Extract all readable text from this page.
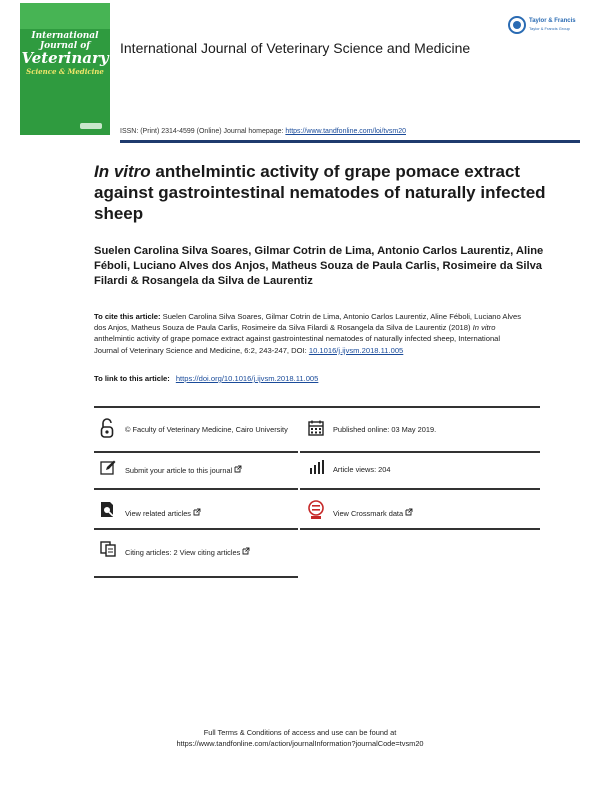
International
Journal of
Veterinary
Science & Medicine
International Journal of Veterinary Science and Medicine
Taylor & Francis
Taylor & Francis Group
ISSN: (Print) 2314-4599 (Online) Journal homepage: https://www.tandfonline.com/loi/tvsm20
In vitro anthelmintic activity of grape pomace extract against gastrointestinal nematodes of naturally infected sheep
Suelen Carolina Silva Soares, Gilmar Cotrin de Lima, Antonio Carlos Laurentiz, Aline Féboli, Luciano Alves dos Anjos, Matheus Souza de Paula Carlis, Rosimeire da Silva Filardi & Rosangela da Silva de Laurentiz
To cite this article: Suelen Carolina Silva Soares, Gilmar Cotrin de Lima, Antonio Carlos Laurentiz, Aline Féboli, Luciano Alves dos Anjos, Matheus Souza de Paula Carlis, Rosimeire da Silva Filardi & Rosangela da Silva de Laurentiz (2018) In vitro anthelmintic activity of grape pomace extract against gastrointestinal nematodes of naturally infected sheep, International Journal of Veterinary Science and Medicine, 6:2, 243-247, DOI: 10.1016/j.ijvsm.2018.11.005
To link to this article: https://doi.org/10.1016/j.ijvsm.2018.11.005
© Faculty of Veterinary Medicine, Cairo University	Published online: 03 May 2019.
Submit your article to this journal	Article views: 204
View related articles	View Crossmark data
Citing articles: 2 View citing articles
Full Terms & Conditions of access and use can be found at
https://www.tandfonline.com/action/journalInformation?journalCode=tvsm20
